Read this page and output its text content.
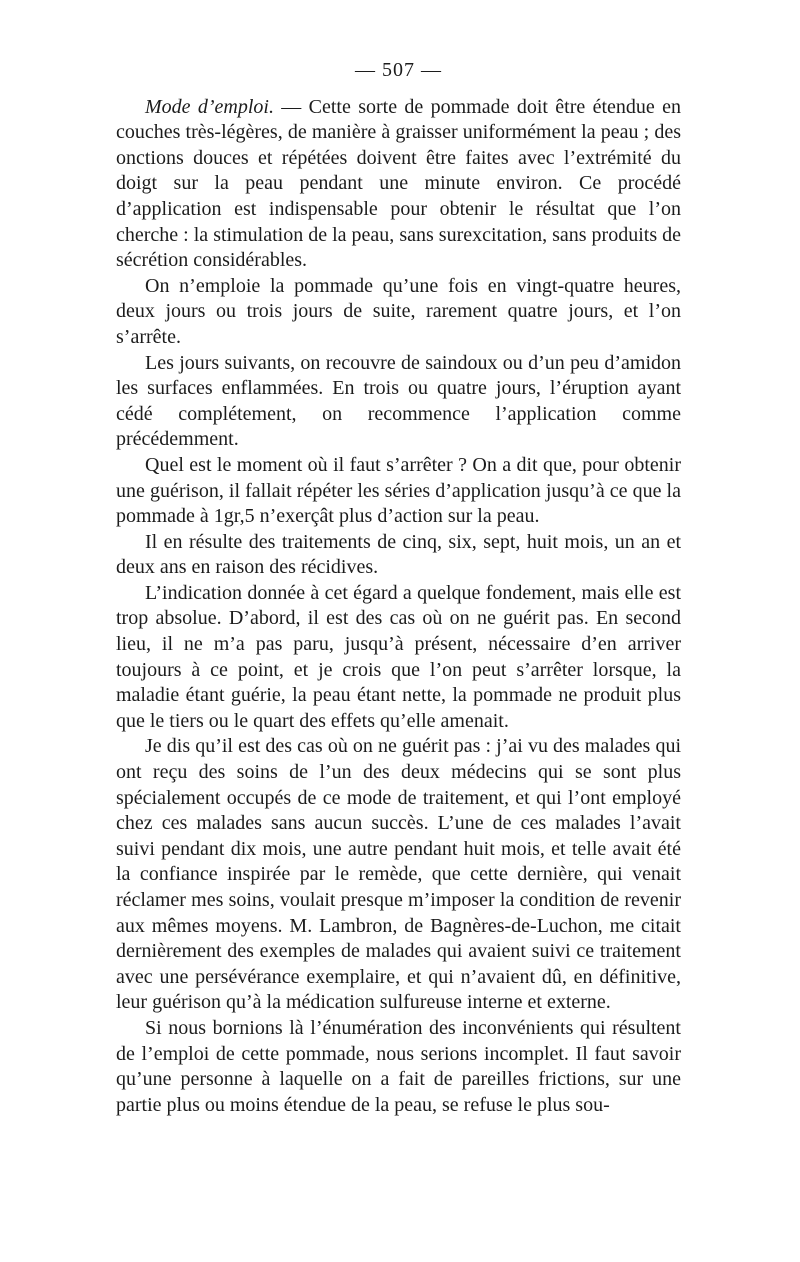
— 507 —

Mode d’emploi. — Cette sorte de pommade doit être étendue en couches très-légères, de manière à graisser uniformément la peau ; des onctions douces et répétées doivent être faites avec l’extrémité du doigt sur la peau pendant une minute environ. Ce procédé d’application est indispensable pour obtenir le résultat que l’on cherche : la stimulation de la peau, sans surexcitation, sans produits de sécrétion considérables.

On n’emploie la pommade qu’une fois en vingt-quatre heures, deux jours ou trois jours de suite, rarement quatre jours, et l’on s’arrête.

Les jours suivants, on recouvre de saindoux ou d’un peu d’amidon les surfaces enflammées. En trois ou quatre jours, l’éruption ayant cédé complétement, on recommence l’application comme précédemment.

Quel est le moment où il faut s’arrêter ? On a dit que, pour obtenir une guérison, il fallait répéter les séries d’application jusqu’à ce que la pommade à 1gr,5 n’exerçât plus d’action sur la peau.

Il en résulte des traitements de cinq, six, sept, huit mois, un an et deux ans en raison des récidives.

L’indication donnée à cet égard a quelque fondement, mais elle est trop absolue. D’abord, il est des cas où on ne guérit pas. En second lieu, il ne m’a pas paru, jusqu’à présent, nécessaire d’en arriver toujours à ce point, et je crois que l’on peut s’arrêter lorsque, la maladie étant guérie, la peau étant nette, la pommade ne produit plus que le tiers ou le quart des effets qu’elle amenait.

Je dis qu’il est des cas où on ne guérit pas : j’ai vu des malades qui ont reçu des soins de l’un des deux médecins qui se sont plus spécialement occupés de ce mode de traitement, et qui l’ont employé chez ces malades sans aucun succès. L’une de ces malades l’avait suivi pendant dix mois, une autre pendant huit mois, et telle avait été la confiance inspirée par le remède, que cette dernière, qui venait réclamer mes soins, voulait presque m’imposer la condition de revenir aux mêmes moyens. M. Lambron, de Bagnères-de-Luchon, me citait dernièrement des exemples de malades qui avaient suivi ce traitement avec une persévérance exemplaire, et qui n’avaient dû, en définitive, leur guérison qu’à la médication sulfureuse interne et externe.

Si nous bornions là l’énumération des inconvénients qui résultent de l’emploi de cette pommade, nous serions incomplet. Il faut savoir qu’une personne à laquelle on a fait de pareilles frictions, sur une partie plus ou moins étendue de la peau, se refuse le plus sou-
